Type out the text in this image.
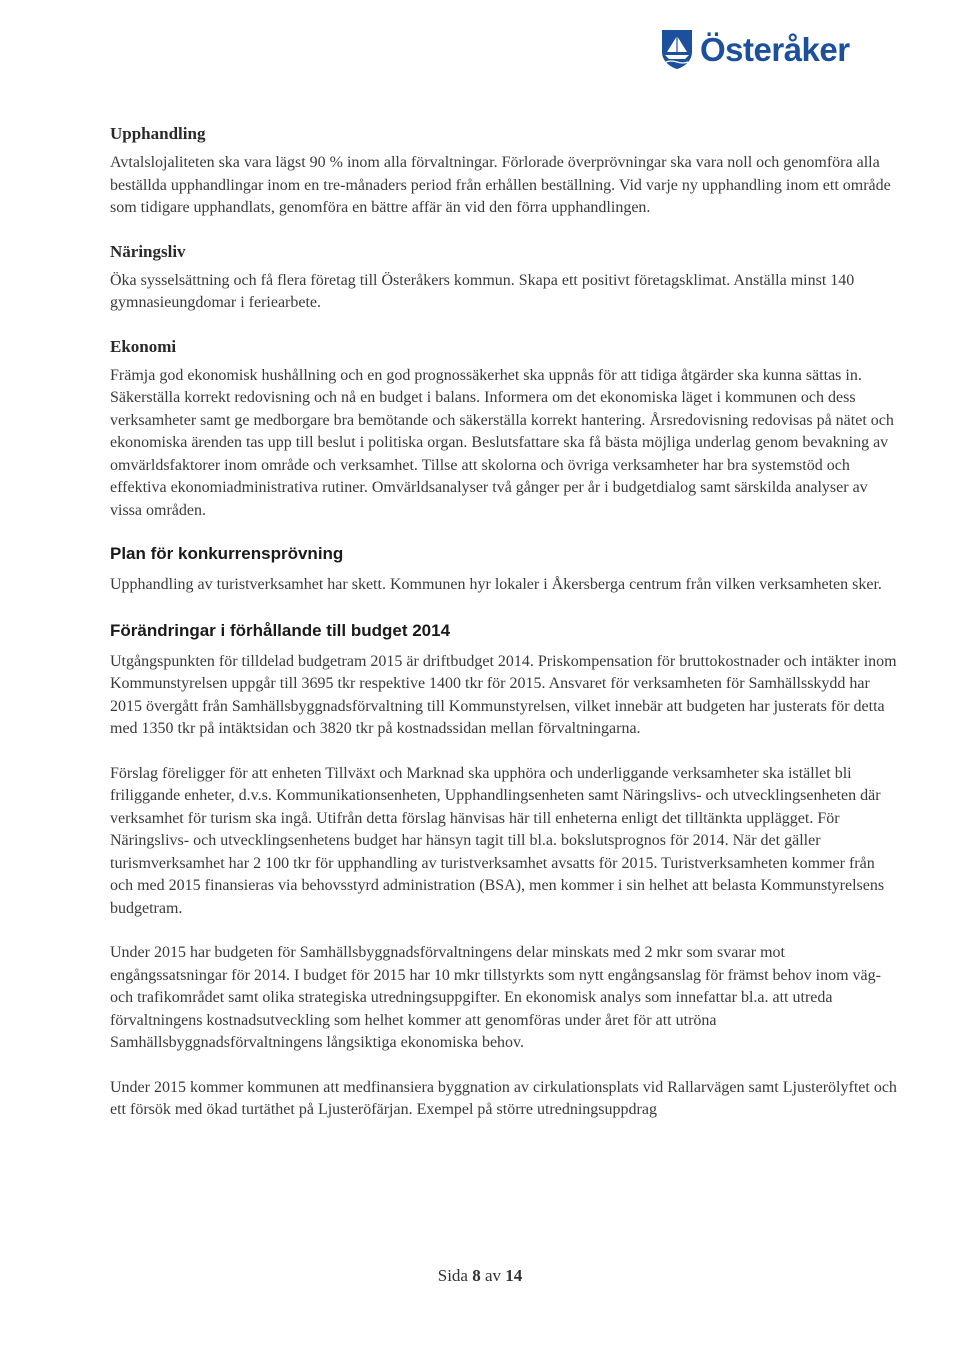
Österåker
Upphandling

Avtalslojaliteten ska vara lägst 90 % inom alla förvaltningar. Förlorade överprövningar ska vara noll och genomföra alla beställda upphandlingar inom en tre-månaders period från erhållen beställning. Vid varje ny upphandling inom ett område som tidigare upphandlats, genomföra en bättre affär än vid den förra upphandlingen.

Näringsliv

Öka sysselsättning och få flera företag till Österåkers kommun. Skapa ett positivt företagsklimat. Anställa minst 140 gymnasieungdomar i feriearbete.

Ekonomi

Främja god ekonomisk hushållning och en god prognossäkerhet ska uppnås för att tidiga åtgärder ska kunna sättas in. Säkerställa korrekt redovisning och nå en budget i balans. Informera om det ekonomiska läget i kommunen och dess verksamheter samt ge medborgare bra bemötande och säkerställa korrekt hantering. Årsredovisning redovisas på nätet och ekonomiska ärenden tas upp till beslut i politiska organ. Beslutsfattare ska få bästa möjliga underlag genom bevakning av omvärldsfaktorer inom område och verksamhet. Tillse att skolorna och övriga verksamheter har bra systemstöd och effektiva ekonomiadministrativa rutiner. Omvärldsanalyser två gånger per år i budgetdialog samt särskilda analyser av vissa områden.

Plan för konkurrensprövning

Upphandling av turistverksamhet har skett. Kommunen hyr lokaler i Åkersberga centrum från vilken verksamheten sker.

Förändringar i förhållande till budget 2014

Utgångspunkten för tilldelad budgetram 2015 är driftbudget 2014. Priskompensation för bruttokostnader och intäkter inom Kommunstyrelsen uppgår till 3695 tkr respektive 1400 tkr för 2015. Ansvaret för verksamheten för Samhällsskydd har 2015 övergått från Samhällsbyggnadsförvaltning till Kommunstyrelsen, vilket innebär att budgeten har justerats för detta med 1350 tkr på intäktsidan och 3820 tkr på kostnadssidan mellan förvaltningarna.

Förslag föreligger för att enheten Tillväxt och Marknad ska upphöra och underliggande verksamheter ska istället bli friliggande enheter, d.v.s. Kommunikationsenheten, Upphandlingsenheten samt Näringslivs- och utvecklingsenheten där verksamhet för turism ska ingå. Utifrån detta förslag hänvisas här till enheterna enligt det tilltänkta upplägget. För Näringslivs- och utvecklingsenhetens budget har hänsyn tagit till bl.a. bokslutsprognos för 2014. När det gäller turismverksamhet har 2 100 tkr för upphandling av turistverksamhet avsatts för 2015. Turistverksamheten kommer från och med 2015 finansieras via behovsstyrd administration (BSA), men kommer i sin helhet att belasta Kommunstyrelsens budgetram.

Under 2015 har budgeten för Samhällsbyggnadsförvaltningens delar minskats med 2 mkr som svarar mot engångssatsningar för 2014. I budget för 2015 har 10 mkr tillstyrkts som nytt engångsanslag för främst behov inom väg- och trafikområdet samt olika strategiska utredningsuppgifter. En ekonomisk analys som innefattar bl.a. att utreda förvaltningens kostnadsutveckling som helhet kommer att genomföras under året för att utröna Samhällsbyggnadsförvaltningens långsiktiga ekonomiska behov.

Under 2015 kommer kommunen att medfinansiera byggnation av cirkulationsplats vid Rallarvägen samt Ljusterölyftet och ett försök med ökad turtäthet på Ljusteröfärjan. Exempel på större utredningsuppdrag

Sida 8 av 14
